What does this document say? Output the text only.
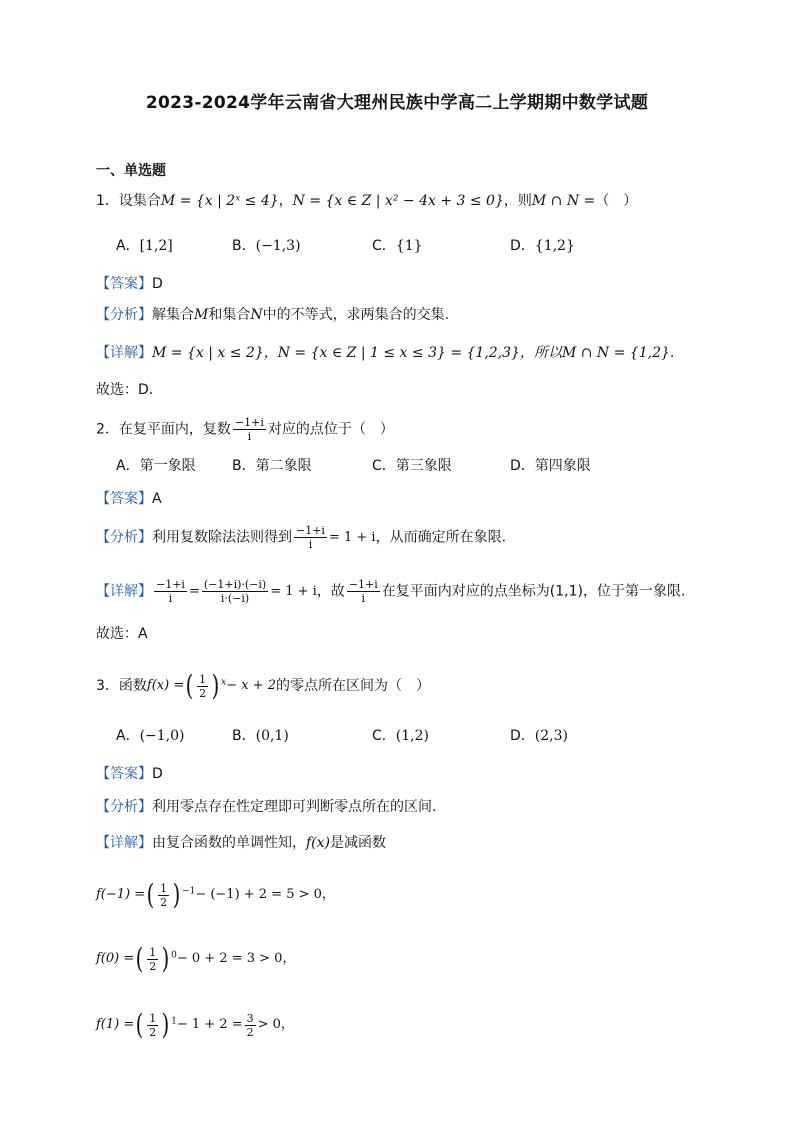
2023-2024学年云南省大理州民族中学高二上学期期中数学试题
一、单选题
1．设集合M = {x | 2ˣ ≤ 4}，N = {x ∈ Z | x² − 4x + 3 ≤ 0}，则M ∩ N =（　）
A．[1,2]	B．(−1,3)	C．{1}	D．{1,2}
【答案】D
【分析】解集合M和集合N中的不等式，求两集合的交集.
【详解】M = {x | x ≤ 2}，N = {x ∈ Z | 1 ≤ x ≤ 3} = {1,2,3}，所以M ∩ N = {1,2}.
故选：D．
2．在复平面内，复数 $\frac{-1+i}{i}$ 对应的点位于（　）
A．第一象限	B．第二象限	C．第三象限	D．第四象限
【答案】A
【分析】利用复数除法法则得到 $\frac{-1+i}{i} = 1 + i$，从而确定所在象限.
【详解】 $\frac{-1+i}{i} = \frac{(-1+i)\cdot(-i)}{i\cdot(-i)} = 1 + i$，故 $\frac{-1+i}{i}$ 在复平面内对应的点坐标为(1,1)，位于第一象限.
故选：A
3．函数f(x) =( $\frac{1}{2}$ ) $^x$− x + 2的零点所在区间为（　）
A．(−1,0)	B．(0,1)	C．(1,2)	D．(2,3)
【答案】D
【分析】利用零点存在性定理即可判断零点所在的区间.
【详解】由复合函数的单调性知，f(x)是减函数
f(−1) =( $\frac{1}{2}$ ) $^{-1}$− (−1) + 2 = 5 > 0，
f(0) =( $\frac{1}{2}$ ) $^0$− 0 + 2 = 3 > 0，
f(1) =( $\frac{1}{2}$ ) $^1- 1 + 2 = \frac{3}{2} > 0$，
